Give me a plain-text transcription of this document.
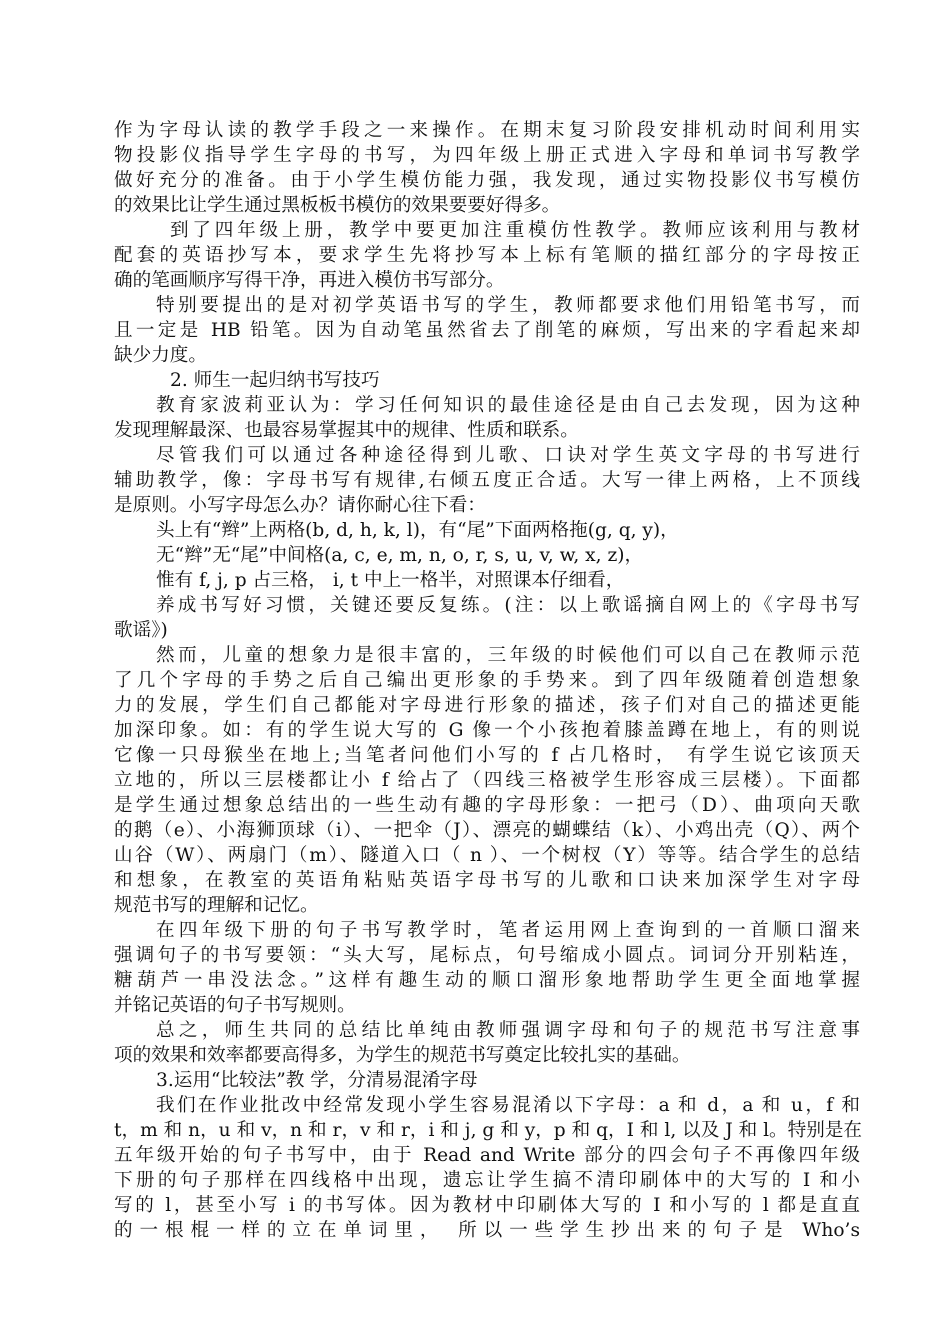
作为字母认读的教学手段之一来操作。在期末复习阶段安排机动时间利用实
物投影仪指导学生字母的书写，为四年级上册正式进入字母和单词书写教学
做好充分的准备。由于小学生模仿能力强，我发现，通过实物投影仪书写模仿
的效果比让学生通过黑板板书模仿的效果要要好得多。
到了四年级上册，教学中要更加注重模仿性教学。教师应该利用与教材
配套的英语抄写本，要求学生先将抄写本上标有笔顺的描红部分的字母按正
确的笔画顺序写得干净，再进入模仿书写部分。
特别要提出的是对初学英语书写的学生，教师都要求他们用铅笔书写，而
且一定是 HB 铅笔。因为自动笔虽然省去了削笔的麻烦，写出来的字看起来却
缺少力度。
2. 师生一起归纳书写技巧
教育家波莉亚认为：学习任何知识的最佳途径是由自己去发现，因为这种
发现理解最深、也最容易掌握其中的规律、性质和联系。
尽管我们可以通过各种途径得到儿歌、口诀对学生英文字母的书写进行
辅助教学，像：字母书写有规律,右倾五度正合适。大写一律上两格，上不顶线
是原则。小写字母怎么办？请你耐心往下看：
头上有“辫”上两格(b, d, h, k, l)，有“尾”下面两格拖(g, q, y)，
无“辫”无“尾”中间格(a, c, e, m, n, o, r, s, u, v, w, x, z)，
惟有 f, j, p 占三格， i, t 中上一格半，对照课本仔细看，
养成书写好习惯，关键还要反复练。(注：以上歌谣摘自网上的《字母书写
歌谣》)
然而，儿童的想象力是很丰富的，三年级的时候他们可以自己在教师示范
了几个字母的手势之后自己编出更形象的手势来。到了四年级随着创造想象
力的发展，学生们自己都能对字母进行形象的描述，孩子们对自己的描述更能
加深印象。如：有的学生说大写的 G 像一个小孩抱着膝盖蹲在地上，有的则说
它像一只母猴坐在地上;当笔者问他们小写的 f 占几格时， 有学生说它该顶天
立地的，所以三层楼都让小 f 给占了（四线三格被学生形容成三层楼）。下面都
是学生通过想象总结出的一些生动有趣的字母形象：一把弓（D）、曲项向天歌
的鹅（e）、小海狮顶球（i）、一把伞（J）、漂亮的蝴蝶结（k）、小鸡出壳（Q）、两个
山谷（W）、两扇门（m）、隧道入口（ n ）、一个树杈（Y）等等。结合学生的总结
和想象，在教室的英语角粘贴英语字母书写的儿歌和口诀来加深学生对字母
规范书写的理解和记忆。
在四年级下册的句子书写教学时，笔者运用网上查询到的一首顺口溜来
强调句子的书写要领：“头大写，尾标点，句号缩成小圆点。词词分开别粘连，
糖葫芦一串没法念。”这样有趣生动的顺口溜形象地帮助学生更全面地掌握
并铭记英语的句子书写规则。
总之，师生共同的总结比单纯由教师强调字母和句子的规范书写注意事
项的效果和效率都要高得多，为学生的规范书写奠定比较扎实的基础。
3.运用“比较法”教 学，分清易混淆字母
我们在作业批改中经常发现小学生容易混淆以下字母：a 和 d，a 和 u，f 和
t，m 和 n，u 和 v，n 和 r，v 和 r，i 和 j, g 和 y，p 和 q，I 和 l, 以及 J 和 l。特别是在
五年级开始的句子书写中，由于 Read and Write 部分的四会句子不再像四年级
下册的句子那样在四线格中出现，遗忘让学生搞不清印刷体中的大写的 I 和小
写的 l，甚至小写 i 的书写体。因为教材中印刷体大写的 I 和小写的 l 都是直直
的一根棍一样的立在单词里， 所以一些学生抄出来的句子是 Who’s
